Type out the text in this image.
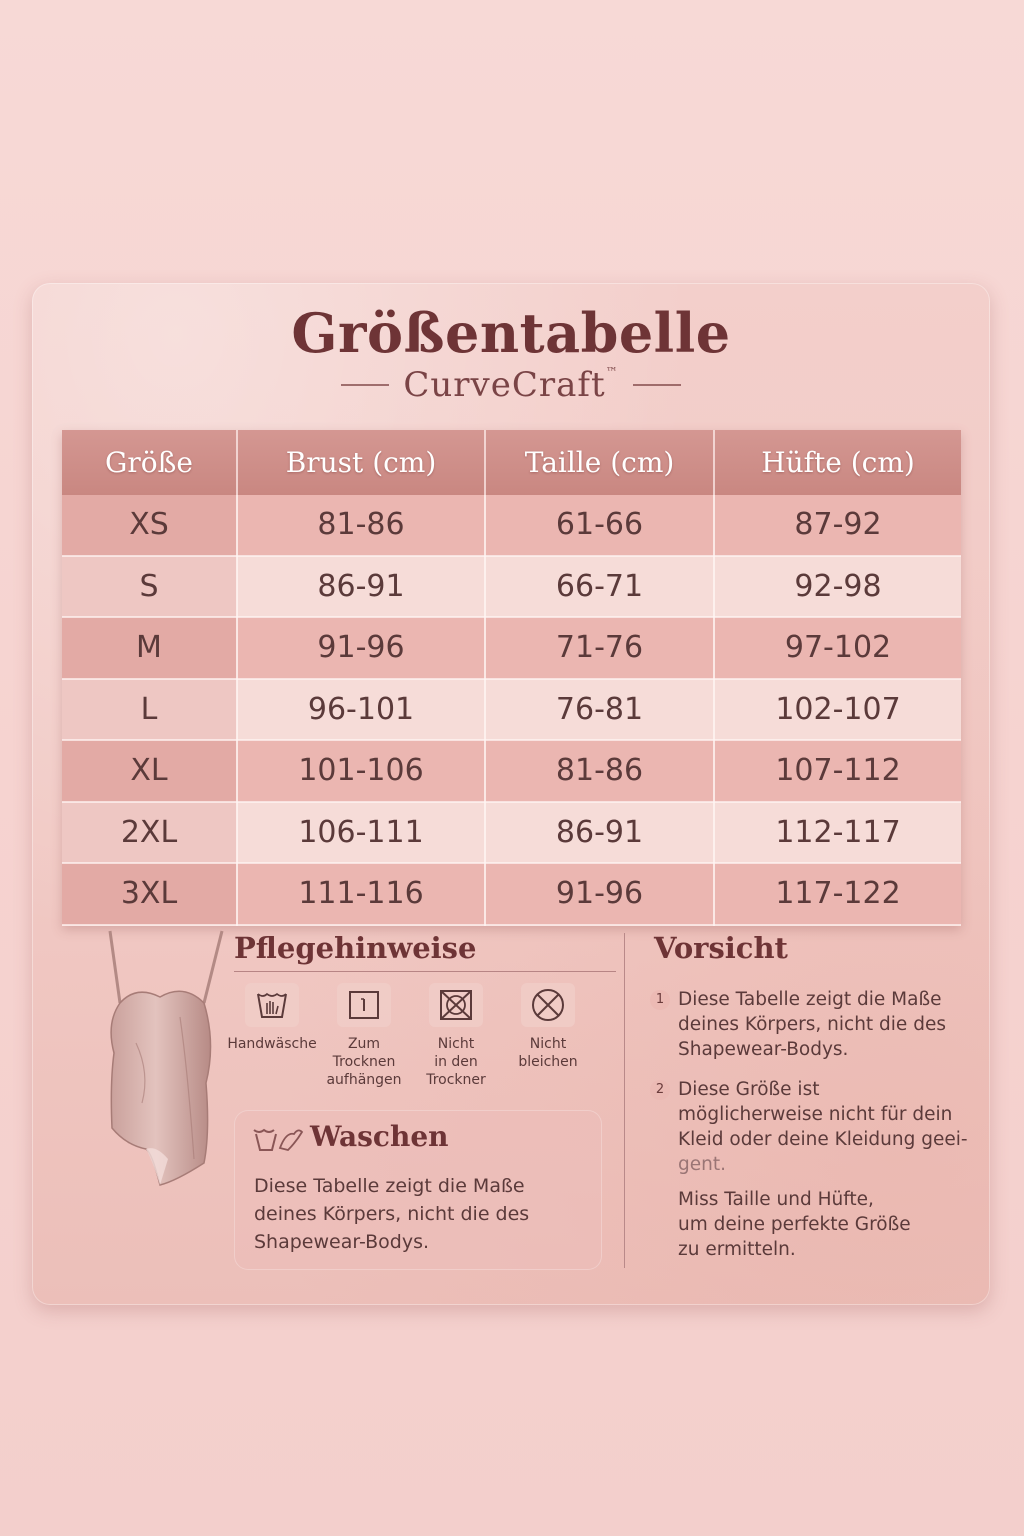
Größentabelle
CurveCraft™
Größe	Brust (cm)	Taille (cm)	Hüfte (cm)
XS	81-86	61-66	87-92
S	86-91	66-71	92-98
M	91-96	71-76	97-102
L	96-101	76-81	102-107
XL	101-106	81-86	107-112
2XL	106-111	86-91	112-117
3XL	111-116	91-96	117-122
Pflegehinweise
Handwäsche	Zum
Trocknen
aufhängen
Nicht
in den
Trockner
Nicht
bleichen
Waschen

Diese Tabelle zeigt die Maße deines Körpers, nicht die des Shapewear-Bodys.

Vorsicht
1 Diese Tabelle zeigt die Maße
deines Körpers, nicht die des
Shapewear-Bodys.

2 Diese Größe ist
möglicherweise nicht für dein
Kleid oder deine Kleidung geei-

gent.

Miss Taille und Hüfte,
um deine perfekte Größe
zu ermitteln.
